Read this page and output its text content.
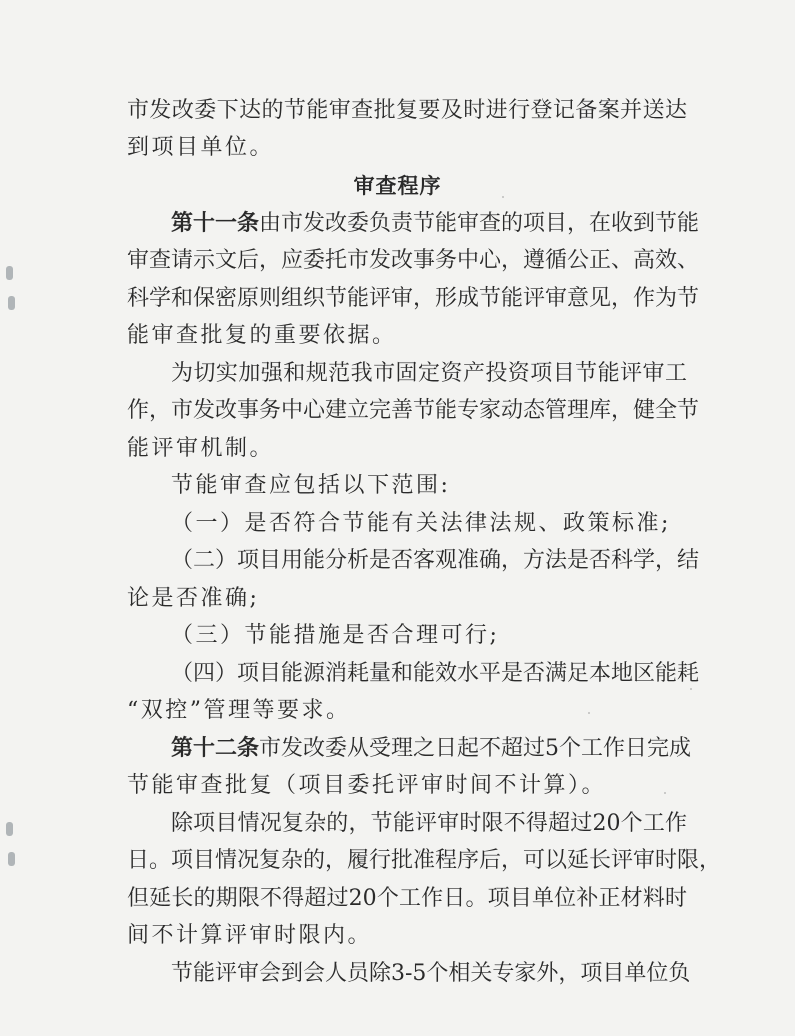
市发改委下达的节能审查批复要及时进行登记备案并送达
到项目单位。
审查程序
第十一条由市发改委负责节能审查的项目，在收到节能
审查请示文后，应委托市发改事务中心，遵循公正、高效、
科学和保密原则组织节能评审，形成节能评审意见，作为节
能审查批复的重要依据。
为切实加强和规范我市固定资产投资项目节能评审工
作，市发改事务中心建立完善节能专家动态管理库，健全节
能评审机制。
节能审查应包括以下范围:
（一）是否符合节能有关法律法规、政策标准;
（二）项目用能分析是否客观准确，方法是否科学，结
论是否准确;
（三）节能措施是否合理可行;
（四）项目能源消耗量和能效水平是否满足本地区能耗
“双控”管理等要求。
第十二条市发改委从受理之日起不超过5个工作日完成
节能审查批复（项目委托评审时间不计算）。
除项目情况复杂的，节能评审时限不得超过20个工作
日。项目情况复杂的，履行批准程序后，可以延长评审时限，
但延长的期限不得超过20个工作日。项目单位补正材料时
间不计算评审时限内。
节能评审会到会人员除3-5个相关专家外，项目单位负
